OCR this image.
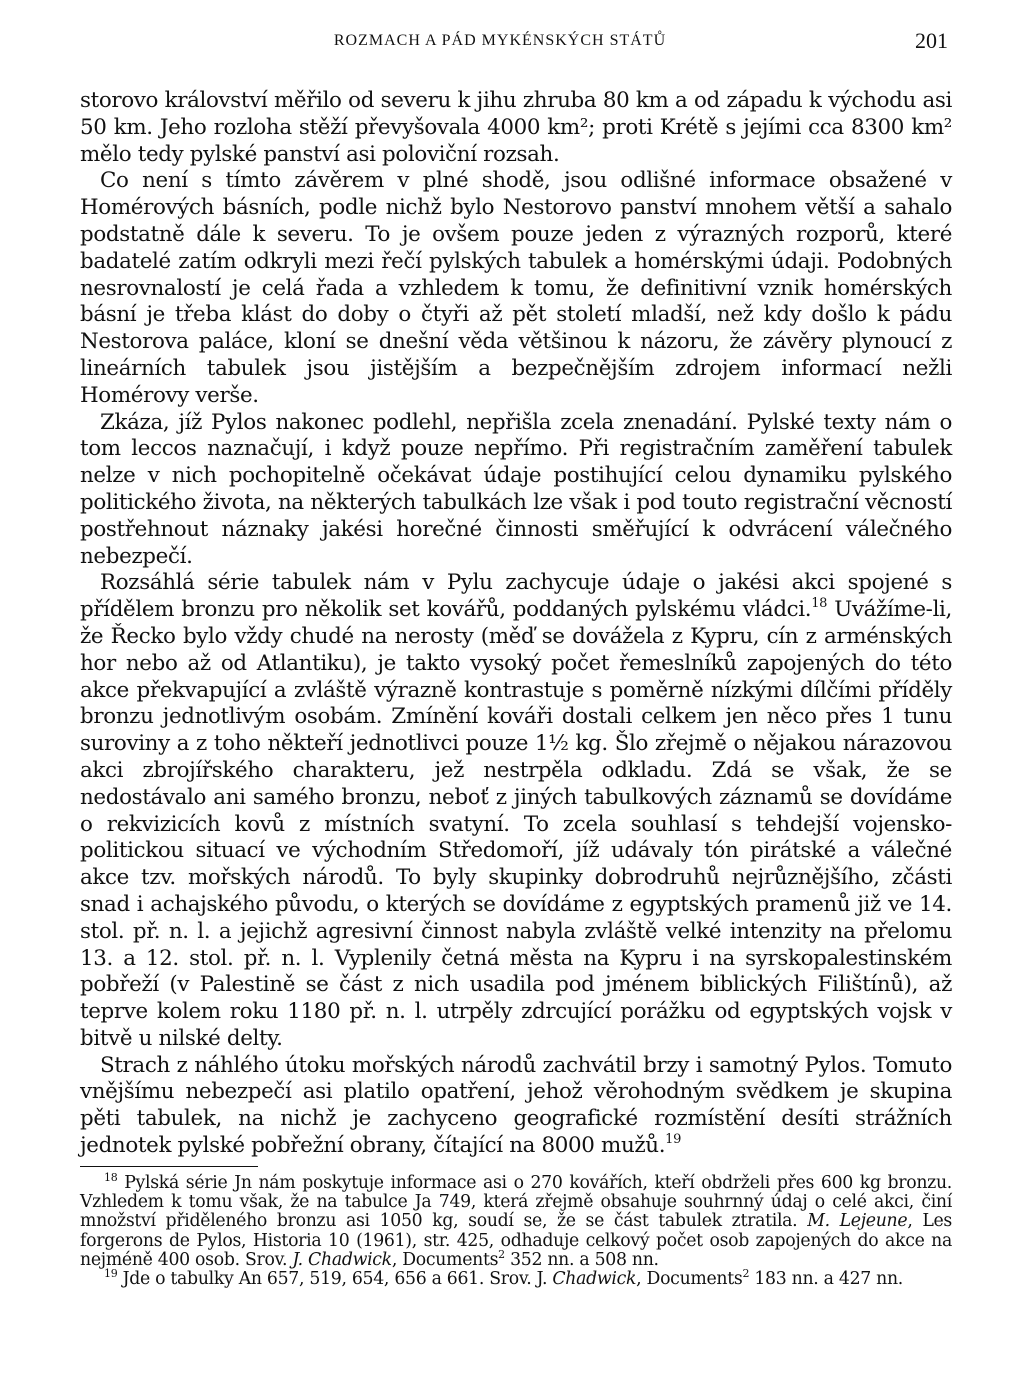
ROZMACH A PÁD MYKÉNSKÝCH STÁTŮ	201

storovo království měřilo od severu k jihu zhruba 80 km a od západu k východu asi 50 km. Jeho rozloha stěží převyšovala 4000 km²; proti Krétě s jejími cca 8300 km² mělo tedy pylské panství asi poloviční rozsah.

Co není s tímto závěrem v plné shodě, jsou odlišné informace obsažené v Homérových básních, podle nichž bylo Nestorovo panství mnohem větší a sahalo podstatně dále k severu. To je ovšem pouze jeden z výrazných rozporů, které badatelé zatím odkryli mezi řečí pylských tabulek a homérskými údaji. Podobných nesrovnalostí je celá řada a vzhledem k tomu, že definitivní vznik homérských básní je třeba klást do doby o čtyři až pět století mladší, než kdy došlo k pádu Nestorova paláce, kloní se dnešní věda většinou k názoru, že závěry plynoucí z lineárních tabulek jsou jistějším a bezpečnějším zdrojem informací nežli Homérovy verše.

Zkáza, jíž Pylos nakonec podlehl, nepřišla zcela znenadání. Pylské texty nám o tom leccos naznačují, i když pouze nepřímo. Při registračním zaměření tabulek nelze v nich pochopitelně očekávat údaje postihující celou dynamiku pylského politického života, na některých tabulkách lze však i pod touto registrační věcností postřehnout náznaky jakési horečné činnosti směřující k odvrácení válečného nebezpečí.

Rozsáhlá série tabulek nám v Pylu zachycuje údaje o jakési akci spojené s přídělem bronzu pro několik set kovářů, poddaných pylskému vládci.$^{18}$ Uvážíme-li, že Řecko bylo vždy chudé na nerosty (měď se dovážela z Kypru, cín z arménských hor nebo až od Atlantiku), je takto vysoký počet řemeslníků zapojených do této akce překvapující a zvláště výrazně kontrastuje s poměrně nízkými dílčími příděly bronzu jednotlivým osobám. Zmínění kováři dostali celkem jen něco přes 1 tunu suroviny a z toho někteří jednotlivci pouze 1½ kg. Šlo zřejmě o nějakou nárazovou akci zbrojířského charakteru, jež nestrpěla odkladu. Zdá se však, že se nedostávalo ani samého bronzu, neboť z jiných tabulkových záznamů se dovídáme o rekvizicích kovů z místních svatyní. To zcela souhlasí s tehdejší vojensko-politickou situací ve východním Středomoří, jíž udávaly tón pirátské a válečné akce tzv. mořských národů. To byly skupinky dobrodruhů nejrůznějšího, zčásti snad i achajského původu, o kterých se dovídáme z egyptských pramenů již ve 14. stol. př. n. l. a jejichž agresivní činnost nabyla zvláště velké intenzity na přelomu 13. a 12. stol. př. n. l. Vyplenily četná města na Kypru i na syrskopalestinském pobřeží (v Palestině se část z nich usadila pod jménem biblických Filištínů), až teprve kolem roku 1180 př. n. l. utrpěly zdrcující porážku od egyptských vojsk v bitvě u nilské delty.

Strach z náhlého útoku mořských národů zachvátil brzy i samotný Pylos. Tomuto vnějšímu nebezpečí asi platilo opatření, jehož věrohodným svědkem je skupina pěti tabulek, na nichž je zachyceno geografické rozmístění desíti strážních jednotek pylské pobřežní obrany, čítající na 8000 mužů.$^{19}$

$^{18}$ Pylská série Jn nám poskytuje informace asi o 270 kovářích, kteří obdrželi přes 600 kg bronzu. Vzhledem k tomu však, že na tabulce Ja 749, která zřejmě obsahuje souhrnný údaj o celé akci, činí množství přiděleného bronzu asi 1050 kg, soudí se, že se část tabulek ztratila. M. Lejeune, Les forgerons de Pylos, Historia 10 (1961), str. 425, odhaduje celkový počet osob zapojených do akce na nejméně 400 osob. Srov. J. Chadwick, Documents$^2$ 352 nn. a 508 nn.

$^{19}$ Jde o tabulky An 657, 519, 654, 656 a 661. Srov. J. Chadwick, Documents$^2$ 183 nn. a 427 nn.
